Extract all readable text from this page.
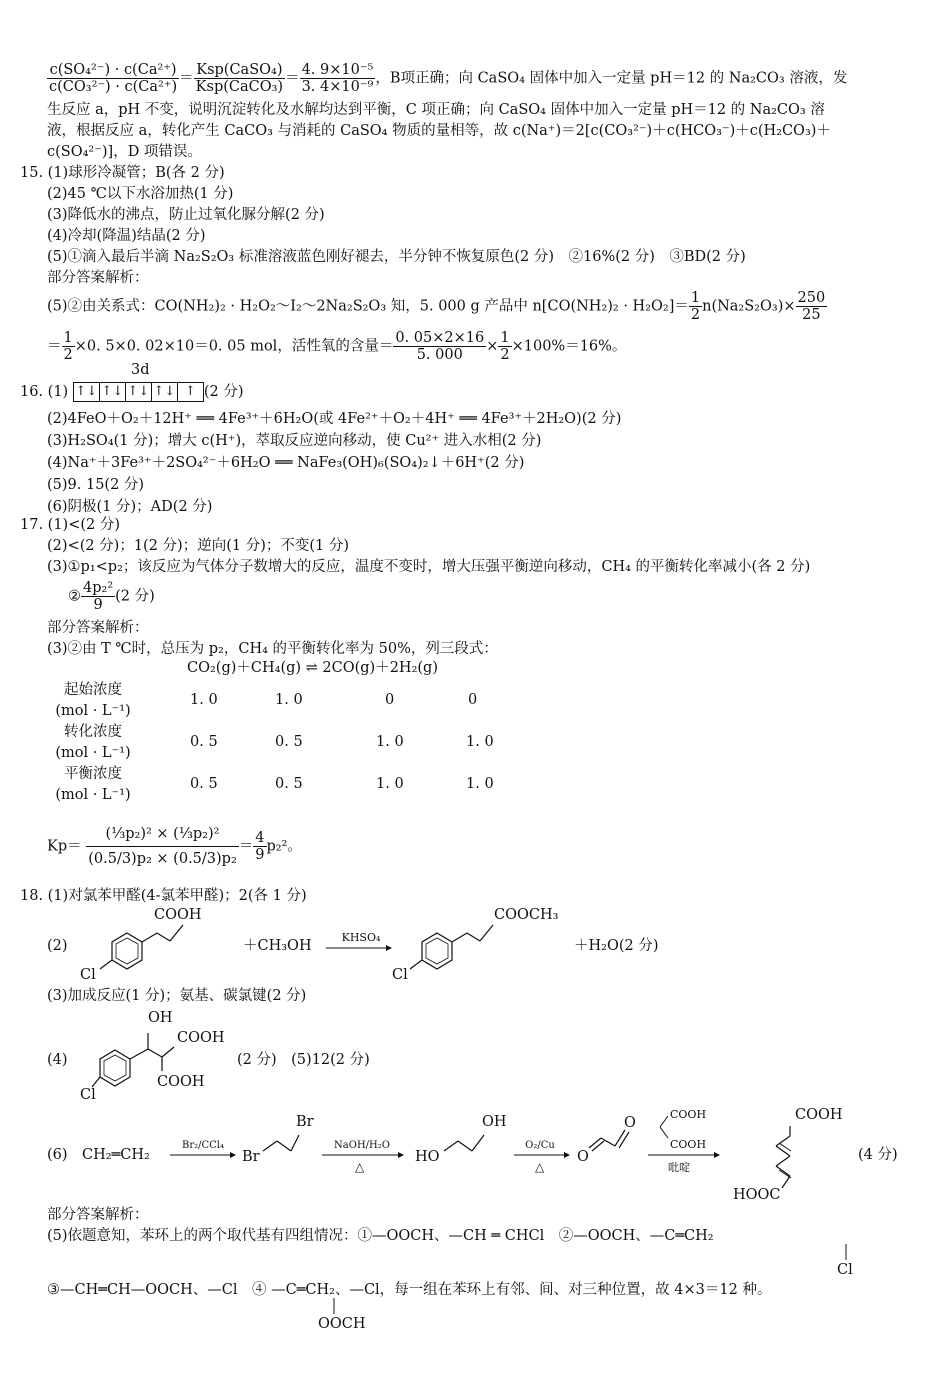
$\frac{\text{c(SO₄²⁻) · c(Ca²⁺)}}{\text{c(CO₃²⁻) · c(Ca²⁺)}} = \frac{\text{Ksp(CaSO₄)}}{\text{Ksp(CaCO₃)}} = \frac{\text{4. 9×10⁻⁵}}{\text{3. 4×10⁻⁹}}$ ，B项正确；向 CaSO₄ 固体中加入一定量 pH＝12 的 Na₂CO₃ 溶液，发
生反应 a，pH 不变，说明沉淀转化及水解均达到平衡，C 项正确；向 CaSO₄ 固体中加入一定量 pH＝12 的 Na₂CO₃ 溶
液，根据反应 a，转化产生 CaCO₃ 与消耗的 CaSO₄ 物质的量相等，故 c(Na⁺)＝2[c(CO₃²⁻)＋c(HCO₃⁻)＋c(H₂CO₃)＋
c(SO₄²⁻)]，D 项错误。
15. (1)球形冷凝管；B(各 2 分)
(2)45 ℃以下水浴加热(1 分)
(3)降低水的沸点，防止过氧化脲分解(2 分)
(4)冷却(降温)结晶(2 分)
(5)①滴入最后半滴 Na₂S₂O₃ 标准溶液蓝色刚好褪去，半分钟不恢复原色(2 分)　②16%(2 分)　③BD(2 分)
部分答案解析：
(5)②由关系式：CO(NH₂)₂ · H₂O₂～I₂～2Na₂S₂O₃ 知，5. 000 g 产品中 $n[CO(NH_2)_2 \cdot H_2O_2]= \frac{1}{2} n(Na_2S_2O_3)\times \frac{250}{25}$
＝ $\frac{1}{2} \times 0$. 5×0. 02×10＝0. 05 mol，活性氧的含量＝ $\frac{0. 05\times 2\times 16}{5. 000} \times \frac{1}{2} \times 100\%=16\%$。
3d
16. (1) ↑↓ ↑↓ ↑↓ ↑↓ ↑ (2 分)
(2)4FeO＋O₂＋12H⁺ ══ 4Fe³⁺＋6H₂O(或 4Fe²⁺＋O₂＋4H⁺ ══ 4Fe³⁺＋2H₂O)(2 分)
(3)H₂SO₄(1 分)；增大 c(H⁺)，萃取反应逆向移动，使 Cu²⁺ 进入水相(2 分)
(4)Na⁺＋3Fe³⁺＋2SO₄²⁻＋6H₂O ══ NaFe₃(OH)₆(SO₄)₂↓＋6H⁺(2 分)
(5)9. 15(2 分)
(6)阴极(1 分)；AD(2 分)
17. (1)<(2 分)
(2)<(2 分)；1(2 分)；逆向(1 分)；不变(1 分)
(3)①p₁<p₂；该反应为气体分子数增大的反应，温度不变时，增大压强平衡逆向移动，CH₄ 的平衡转化率减小(各 2 分)
② $\frac{\text{4p₂²}}{9} (2$ 分)
部分答案解析：
(3)②由 T ℃时，总压为 p₂，CH₄ 的平衡转化率为 50%，列三段式：
CO₂(g)＋CH₄(g) ⇌ 2CO(g)＋2H₂(g)
起始浓度
(mol · L⁻¹)
1. 0	1. 0	0	0
转化浓度
(mol · L⁻¹)
0. 5	0. 5	1. 0	1. 0
平衡浓度
(mol · L⁻¹)
0. 5	0. 5	1. 0	1. 0
$Kp= \frac{\text{(⅓p₂)² × (⅓p₂)²}}{\text{(0.5/3)p₂ × (0.5/3)p₂}} = \frac{4}{9} p_2^2$。
18. (1)对氯苯甲醛(4-氯苯甲醛)；2(各 1 分)
(2)
COOH
Cl
＋CH₃OH
KHSO₄
COOCH₃
Cl
＋H₂O(2 分)
(3)加成反应(1 分)；氨基、碳氯键(2 分)
(4)
OH
COOH
COOH
Cl
(2 分)　(5)12(2 分)
(6) CH₂═CH₂
Br₂/CCl₄
Br
Br
NaOH/H₂O
△
HO
OH
O₂/Cu
△
O
O
COOH
COOH
吡啶
COOH
HOOC
(4 分)
部分答案解析：
(5)依题意知，苯环上的两个取代基有四组情况：①—OOCH、—CH ═ CHCl　②—OOCH、—C═CH₂
Cl
③—CH═CH—OOCH、—Cl　④ —C═CH₂、—Cl，每一组在苯环上有邻、间、对三种位置，故 4×3＝12 种。
OOCH
